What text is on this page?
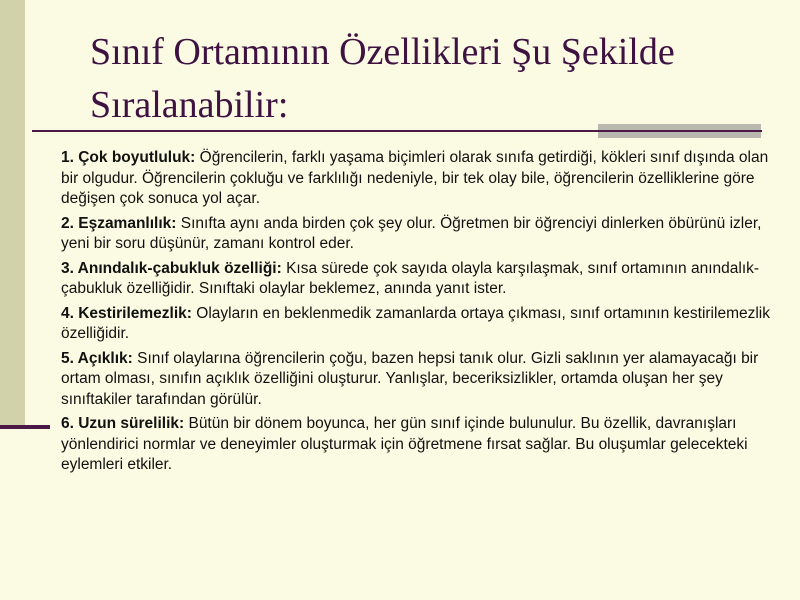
Sınıf Ortamının Özellikleri Şu Şekilde Sıralanabilir:

1. Çok boyutluluk: Öğrencilerin, farklı yaşama biçimleri olarak sınıfa getirdiği, kökleri sınıf dışında olan bir olgudur. Öğrencilerin çokluğu ve farklılığı nedeniyle, bir tek olay bile, öğrencilerin özelliklerine göre değişen çok sonuca yol açar.

2. Eşzamanlılık: Sınıfta aynı anda birden çok şey olur. Öğretmen bir öğrenciyi dinlerken öbürünü izler, yeni bir soru düşünür, zamanı kontrol eder.

3. Anındalık-çabukluk özelliği: Kısa sürede çok sayıda olayla karşılaşmak, sınıf ortamının anındalık-çabukluk özelliğidir. Sınıftaki olaylar beklemez, anında yanıt ister.

4. Kestirilemezlik: Olayların en beklenmedik zamanlarda ortaya çıkması, sınıf ortamının kestirilemezlik özelliğidir.

5. Açıklık: Sınıf olaylarına öğrencilerin çoğu, bazen hepsi tanık olur. Gizli saklının yer alamayacağı bir ortam olması, sınıfın açıklık özelliğini oluşturur. Yanlışlar, beceriksizlikler, ortamda oluşan her şey sınıftakiler tarafından görülür.

6. Uzun sürelilik: Bütün bir dönem boyunca, her gün sınıf içinde bulunulur. Bu özellik, davranışları yönlendirici normlar ve deneyimler oluşturmak için öğretmene fırsat sağlar. Bu oluşumlar gelecekteki eylemleri etkiler.
